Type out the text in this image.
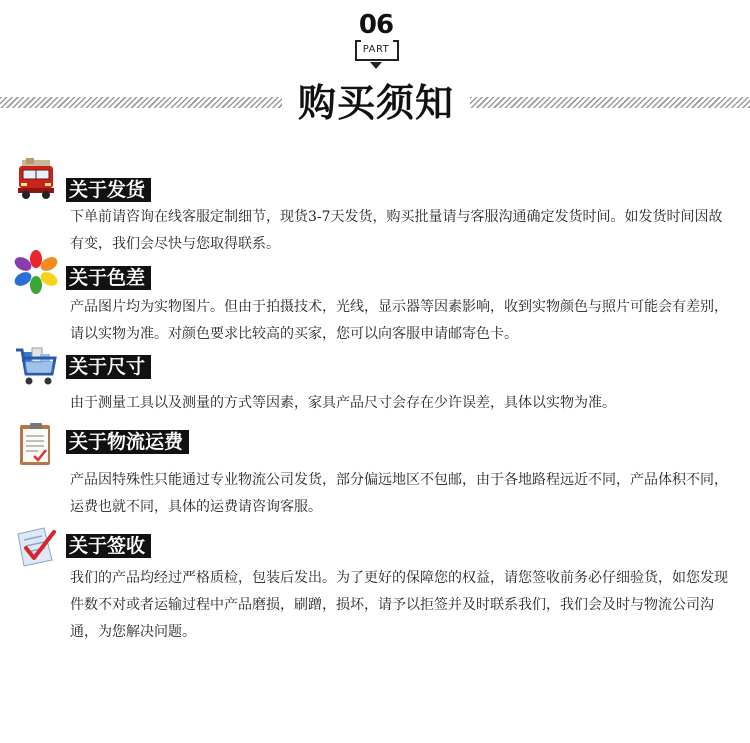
06
PART
购买须知
关于发货

下单前请咨询在线客服定制细节，现货3-7天发货，购买批量请与客服沟通确定发货时间。如发货时间因故有变，我们会尽快与您取得联系。

关于色差

产品图片均为实物图片。但由于拍摄技术，光线，显示器等因素影响，收到实物颜色与照片可能会有差别，请以实物为准。对颜色要求比较高的买家，您可以向客服申请邮寄色卡。

关于尺寸

由于测量工具以及测量的方式等因素，家具产品尺寸会存在少许误差，具体以实物为准。

关于物流运费

产品因特殊性只能通过专业物流公司发货，部分偏远地区不包邮，由于各地路程远近不同，产品体积不同，运费也就不同，具体的运费请咨询客服。

关于签收

我们的产品均经过严格质检，包装后发出。为了更好的保障您的权益，请您签收前务必仔细验货，如您发现件数不对或者运输过程中产品磨损，刷蹭，损坏，请予以拒签并及时联系我们，我们会及时与物流公司沟通，为您解决问题。
